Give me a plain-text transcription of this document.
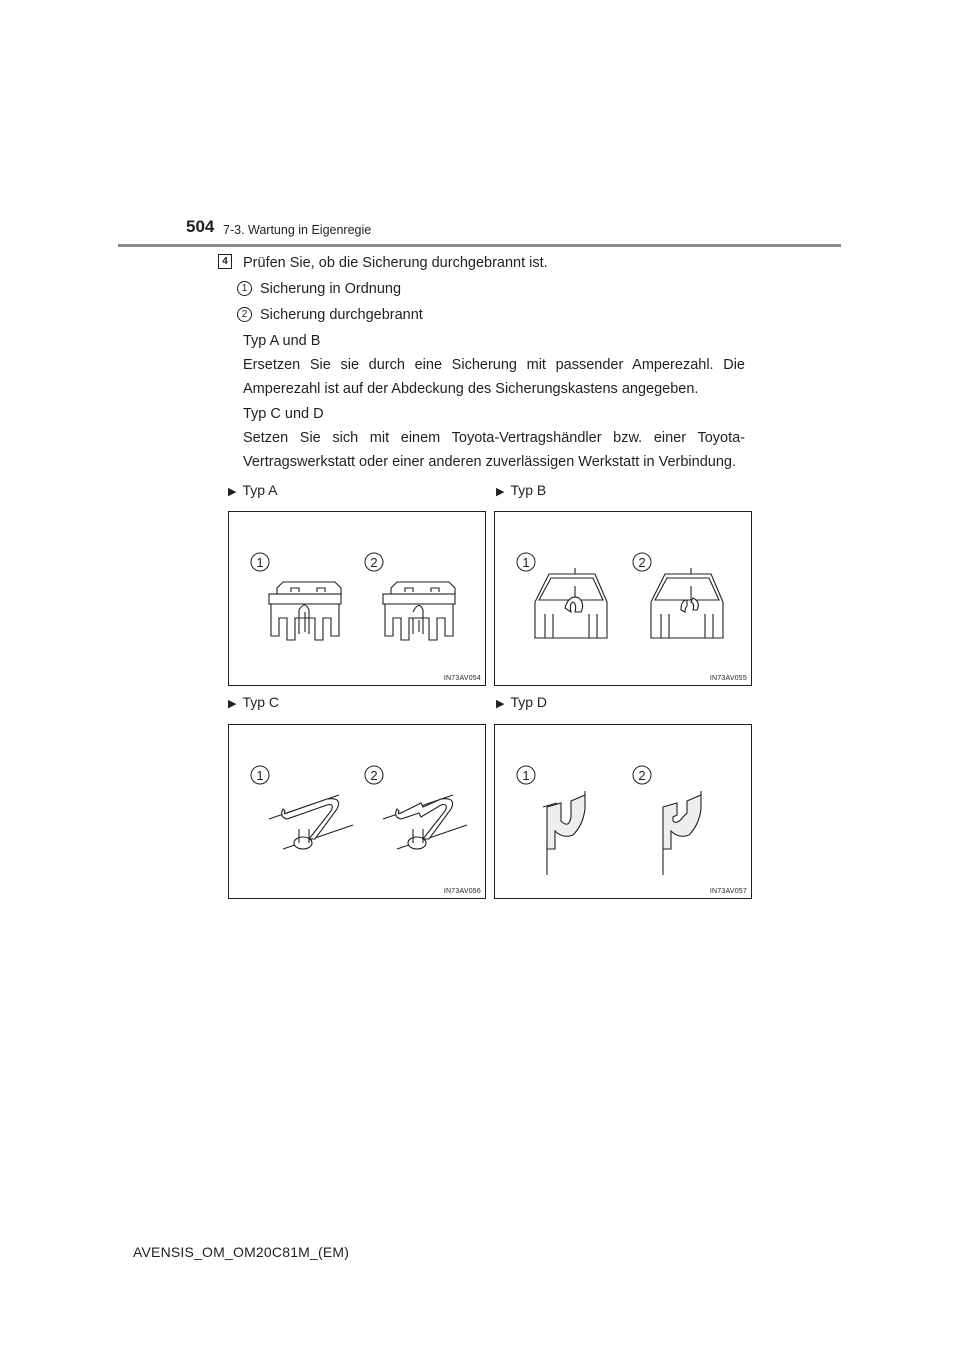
504 7-3. Wartung in Eigenregie
4 Prüfen Sie, ob die Sicherung durchgebrannt ist.
1 Sicherung in Ordnung
2 Sicherung durchgebrannt
Typ A und B
Ersetzen Sie sie durch eine Sicherung mit passender Amperezahl. Die Amperezahl ist auf der Abdeckung des Sicherungskastens angegeben.
Typ C und D
Setzen Sie sich mit einem Toyota-Vertragshändler bzw. einer Toyota-Vertragswerkstatt oder einer anderen zuverlässigen Werkstatt in Verbindung.
▶ Typ A	▶ Typ B
▶ Typ C	▶ Typ D
1	2
IN73AV054
1	2
IN73AV055
1	2
IN73AV056
1	2
IN73AV057
AVENSIS_OM_OM20C81M_(EM)
